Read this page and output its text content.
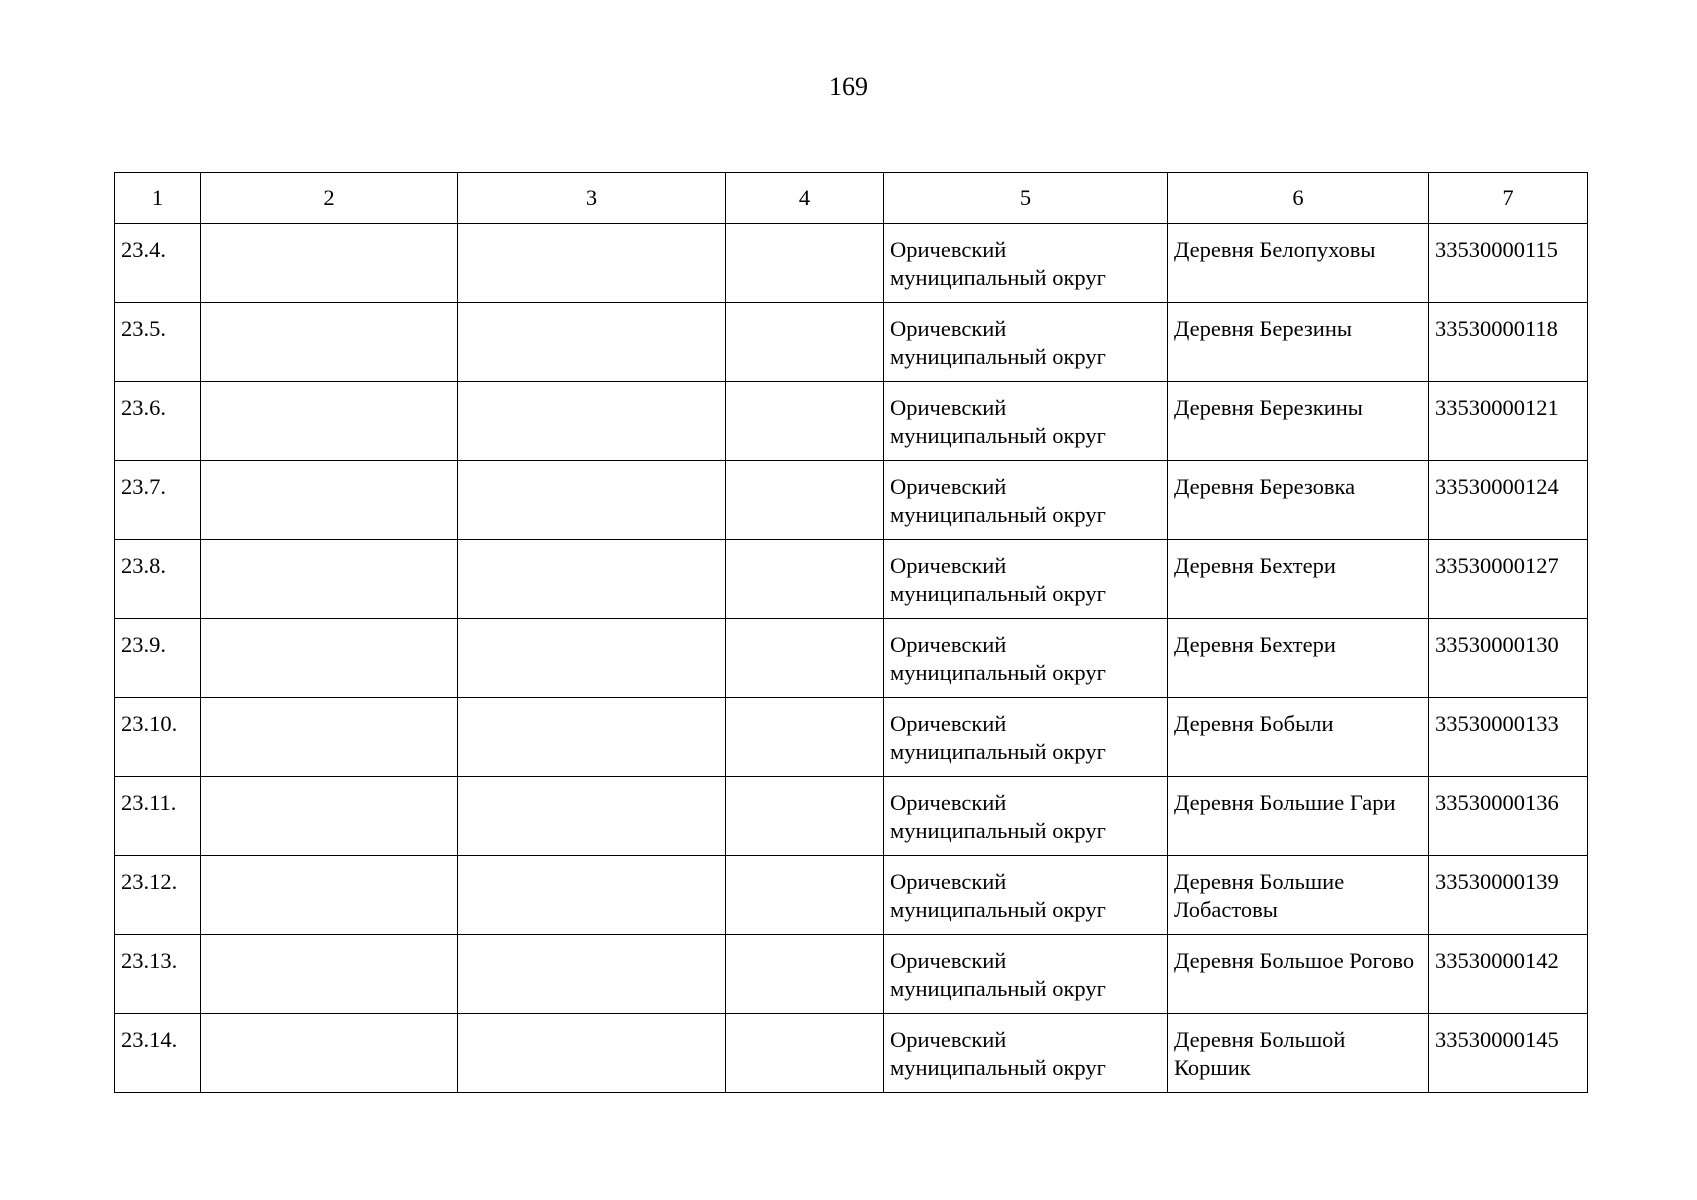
169
1	2	3	4	5	6	7
23.4.				Оричевский муниципальный округ	Деревня Белопуховы	33530000115
23.5.				Оричевский муниципальный округ	Деревня Березины	33530000118
23.6.				Оричевский муниципальный округ	Деревня Березкины	33530000121
23.7.				Оричевский муниципальный округ	Деревня Березовка	33530000124
23.8.				Оричевский муниципальный округ	Деревня Бехтери	33530000127
23.9.				Оричевский муниципальный округ	Деревня Бехтери	33530000130
23.10.				Оричевский муниципальный округ	Деревня Бобыли	33530000133
23.11.				Оричевский муниципальный округ	Деревня Большие Гари	33530000136
23.12.				Оричевский муниципальный округ	Деревня Большие Лобастовы	33530000139
23.13.				Оричевский муниципальный округ	Деревня Большое Рогово	33530000142
23.14.				Оричевский муниципальный округ	Деревня Большой Коршик	33530000145
